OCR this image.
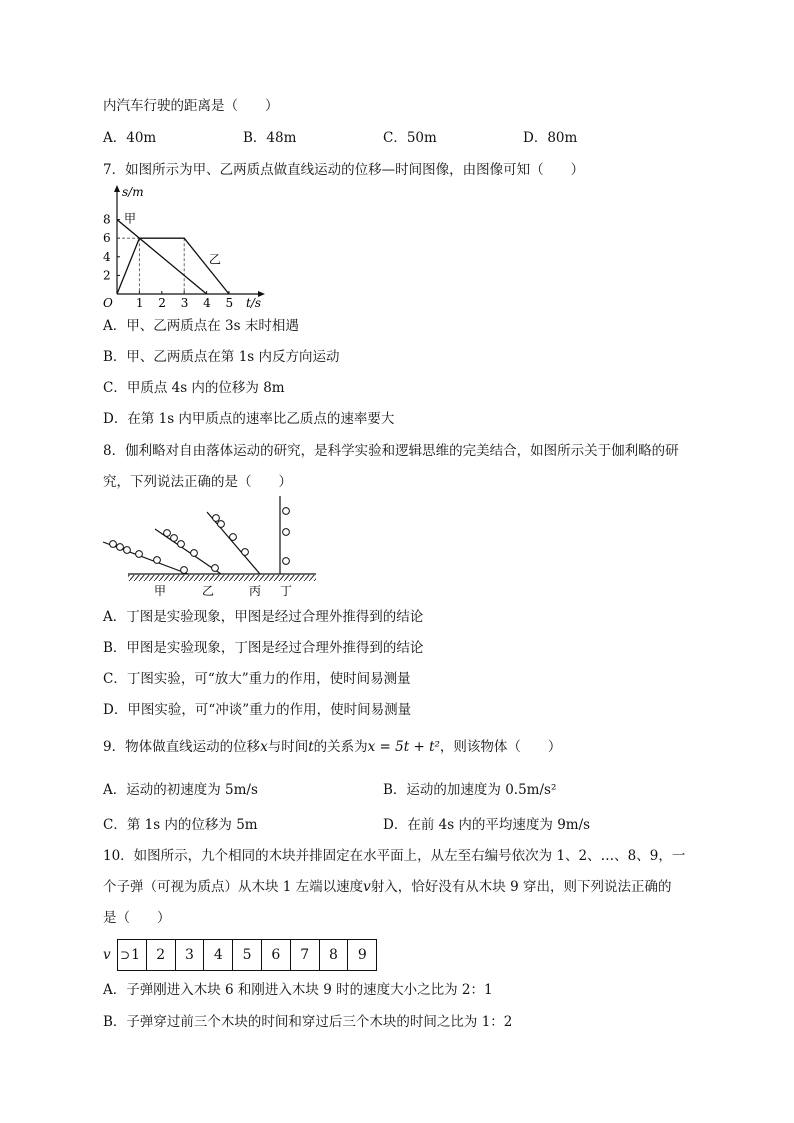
内汽车行驶的距离是（　　）
A．40m	B．48m	C．50m	D．80m
7．如图所示为甲、乙两质点做直线运动的位移—时间图像，由图像可知（　　）
s/m
t/s
O 1 2 3 4 5
2
4
6
8 甲
乙
A．甲、乙两质点在 3s 末时相遇
B．甲、乙两质点在第 1s 内反方向运动
C．甲质点 4s 内的位移为 8m
D．在第 1s 内甲质点的速率比乙质点的速率要大
8．伽利略对自由落体运动的研究，是科学实验和逻辑思维的完美结合，如图所示关于伽利略的研
究，下列说法正确的是（　　）
甲	乙	丙 丁
A．丁图是实验现象，甲图是经过合理外推得到的结论
B．甲图是实验现象，丁图是经过合理外推得到的结论
C．丁图实验，可“放大”重力的作用，使时间易测量
D．甲图实验，可“冲谈”重力的作用，使时间易测量
9．物体做直线运动的位移x与时间t的关系为x = 5t + t²，则该物体（　　）
A．运动的初速度为 5m/s	B．运动的加速度为 0.5m/s²
C．第 1s 内的位移为 5m	D．在前 4s 内的平均速度为 9m/s
10．如图所示，九个相同的木块并排固定在水平面上，从左至右编号依次为 1、2、…、8、9，一
个子弹（可视为质点）从木块 1 左端以速度v射入，恰好没有从木块 9 穿出，则下列说法正确的
是（　　）
v ⊃ 1	2	3	4	5	6	7	8	9
A．子弹刚进入木块 6 和刚进入木块 9 时的速度大小之比为 2：1
B．子弹穿过前三个木块的时间和穿过后三个木块的时间之比为 1：2
